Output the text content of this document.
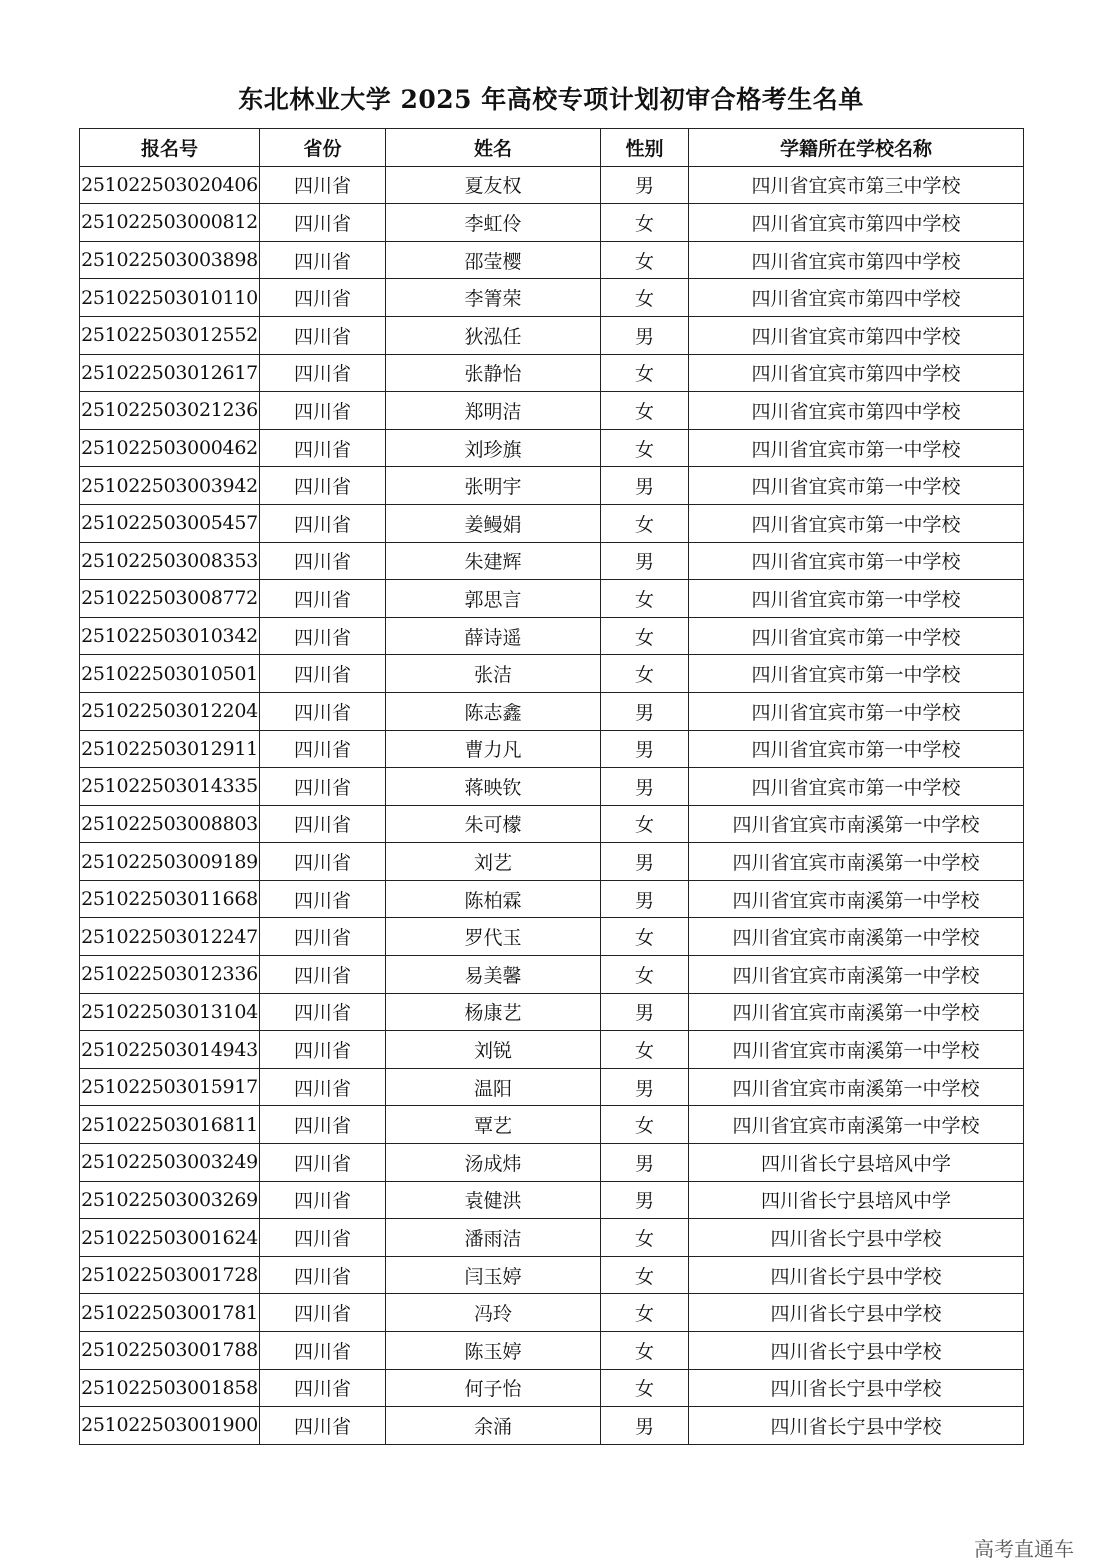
东北林业大学 2025 年高校专项计划初审合格考生名单
报名号	省份	姓名	性别	学籍所在学校名称
251022503020406	四川省	夏友权	男	四川省宜宾市第三中学校
251022503000812	四川省	李虹伶	女	四川省宜宾市第四中学校
251022503003898	四川省	邵莹樱	女	四川省宜宾市第四中学校
251022503010110	四川省	李箐荣	女	四川省宜宾市第四中学校
251022503012552	四川省	狄泓任	男	四川省宜宾市第四中学校
251022503012617	四川省	张静怡	女	四川省宜宾市第四中学校
251022503021236	四川省	郑明洁	女	四川省宜宾市第四中学校
251022503000462	四川省	刘珍旗	女	四川省宜宾市第一中学校
251022503003942	四川省	张明宇	男	四川省宜宾市第一中学校
251022503005457	四川省	姜鳗娟	女	四川省宜宾市第一中学校
251022503008353	四川省	朱建辉	男	四川省宜宾市第一中学校
251022503008772	四川省	郭思言	女	四川省宜宾市第一中学校
251022503010342	四川省	薛诗遥	女	四川省宜宾市第一中学校
251022503010501	四川省	张洁	女	四川省宜宾市第一中学校
251022503012204	四川省	陈志鑫	男	四川省宜宾市第一中学校
251022503012911	四川省	曹力凡	男	四川省宜宾市第一中学校
251022503014335	四川省	蒋映钦	男	四川省宜宾市第一中学校
251022503008803	四川省	朱可檬	女	四川省宜宾市南溪第一中学校
251022503009189	四川省	刘艺	男	四川省宜宾市南溪第一中学校
251022503011668	四川省	陈柏霖	男	四川省宜宾市南溪第一中学校
251022503012247	四川省	罗代玉	女	四川省宜宾市南溪第一中学校
251022503012336	四川省	易美馨	女	四川省宜宾市南溪第一中学校
251022503013104	四川省	杨康艺	男	四川省宜宾市南溪第一中学校
251022503014943	四川省	刘锐	女	四川省宜宾市南溪第一中学校
251022503015917	四川省	温阳	男	四川省宜宾市南溪第一中学校
251022503016811	四川省	覃艺	女	四川省宜宾市南溪第一中学校
251022503003249	四川省	汤成炜	男	四川省长宁县培风中学
251022503003269	四川省	袁健洪	男	四川省长宁县培风中学
251022503001624	四川省	潘雨洁	女	四川省长宁县中学校
251022503001728	四川省	闫玉婷	女	四川省长宁县中学校
251022503001781	四川省	冯玲	女	四川省长宁县中学校
251022503001788	四川省	陈玉婷	女	四川省长宁县中学校
251022503001858	四川省	何子怡	女	四川省长宁县中学校
251022503001900	四川省	余涌	男	四川省长宁县中学校
高考直通车
